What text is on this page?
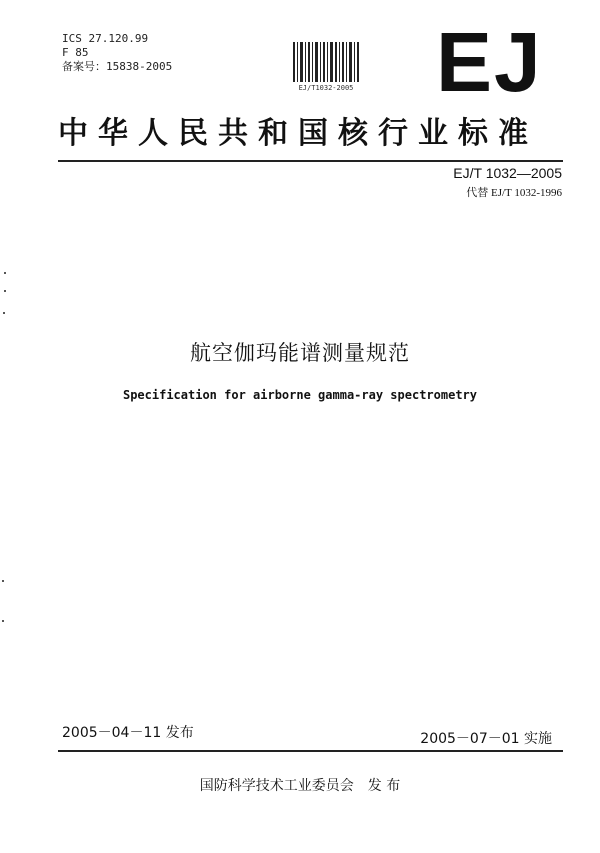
ICS 27.120.99
F 85
备案号：15838-2005
EJ/T1032-2005 EJ
中华人民共和国核行业标准
EJ/T 1032—2005
代替 EJ/T 1032-1996
航空伽玛能谱测量规范
Specification for airborne gamma-ray spectrometry
2005－04－11 发布	2005－07－01 实施
国防科学技术工业委员会　发 布
